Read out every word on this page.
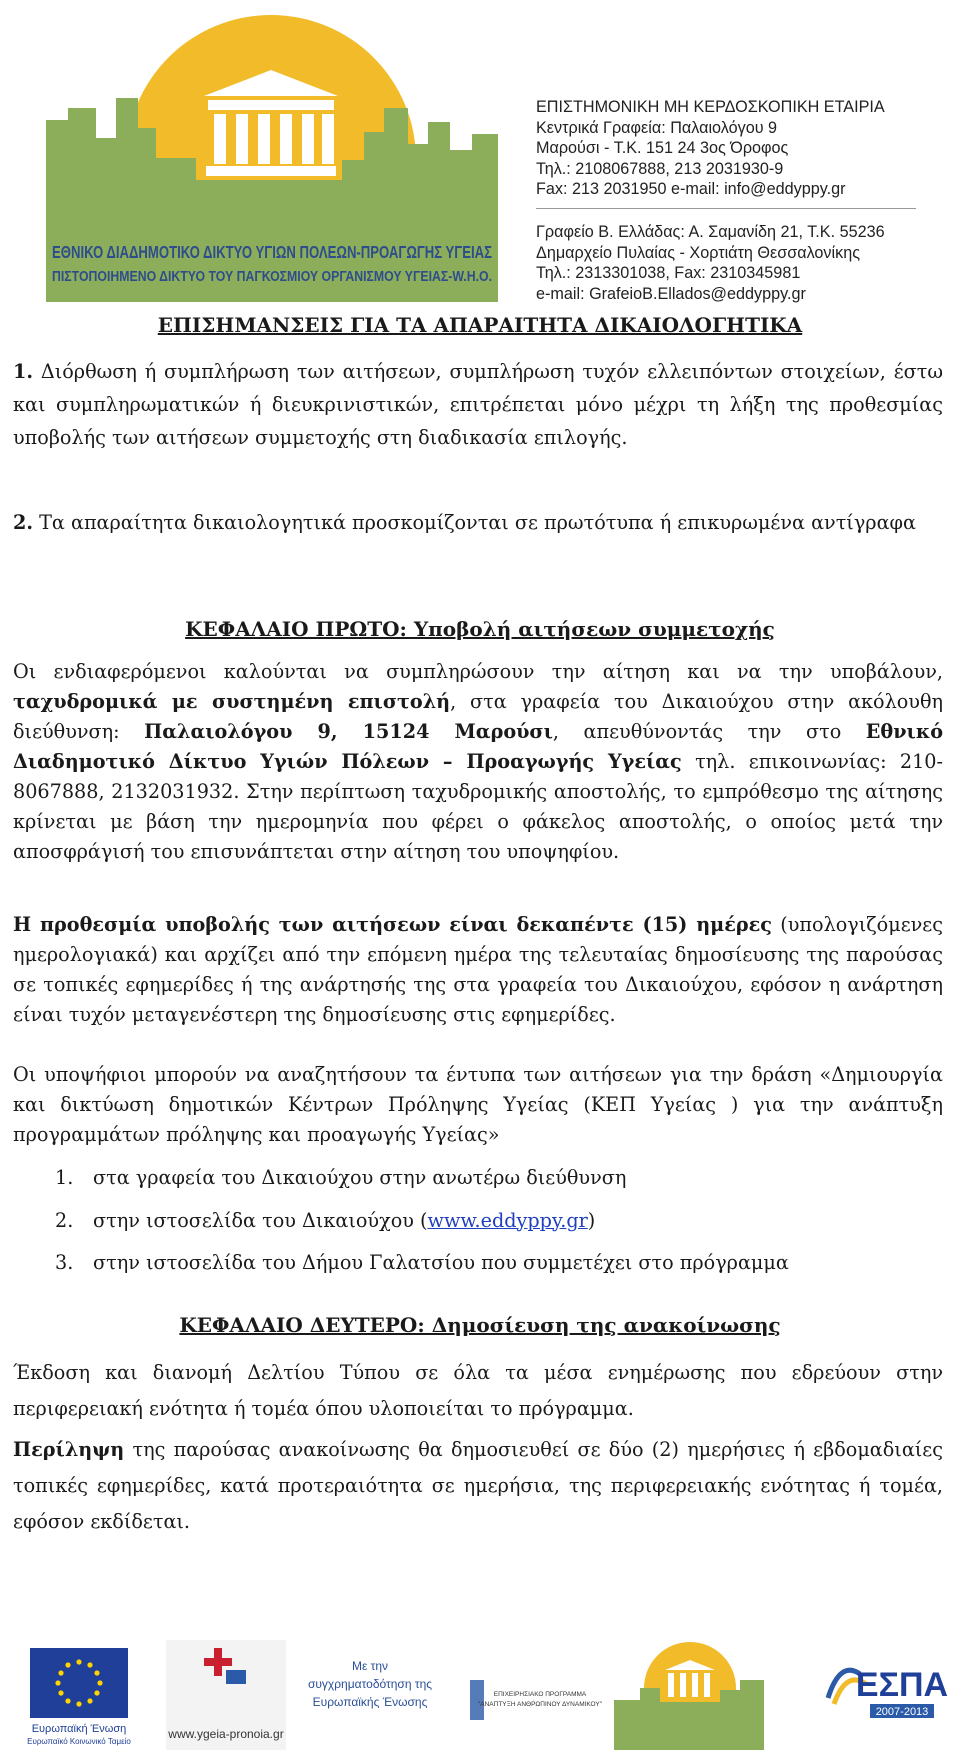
ΕΘΝΙΚΟ ΔΙΑΔΗΜΟΤΙΚΟ ΔΙΚΤΥΟ ΥΓΙΩΝ ΠΟΛΕΩΝ-ΠΡΟΑΓΩΓΗΣ ΥΓΕΙΑΣ
ΠΙΣΤΟΠΟΙΗΜΕΝΟ ΔΙΚΤΥΟ ΤΟΥ ΠΑΓΚΟΣΜΙΟΥ ΟΡΓΑΝΙΣΜΟΥ ΥΓΕΙΑΣ-W.H.O.
ΕΠΙΣΤΗΜΟΝΙΚΗ ΜΗ ΚΕΡΔΟΣΚΟΠΙΚΗ ΕΤΑΙΡΙΑ
Κεντρικά Γραφεία: Παλαιολόγου 9
Μαρούσι - Τ.Κ. 151 24 3ος Όροφος
Τηλ.: 2108067888, 213 2031930-9
Fax: 213 2031950 e-mail: info@eddyppy.gr
Γραφείο Β. Ελλάδας: Α. Σαμανίδη 21, Τ.Κ. 55236
Δημαρχείο Πυλαίας - Χορτιάτη Θεσσαλονίκης
Τηλ.: 2313301038, Fax: 2310345981
e-mail: GrafeioB.Ellados@eddyppy.gr
ΕΠΙΣΗΜΑΝΣΕΙΣ ΓΙΑ ΤΑ ΑΠΑΡΑΙΤΗΤΑ ΔΙΚΑΙΟΛΟΓΗΤΙΚΑ
1. Διόρθωση ή συμπλήρωση των αιτήσεων, συμπλήρωση τυχόν ελλειπόντων στοιχείων, έστω και συμπληρωματικών ή διευκρινιστικών, επιτρέπεται μόνο μέχρι τη λήξη της προθεσμίας υποβολής των αιτήσεων συμμετοχής στη διαδικασία επιλογής.
2. Τα απαραίτητα δικαιολογητικά προσκομίζονται σε πρωτότυπα ή επικυρωμένα αντίγραφα
ΚΕΦΑΛΑΙΟ ΠΡΩΤΟ: Υποβολή αιτήσεων συμμετοχής
Οι ενδιαφερόμενοι καλούνται να συμπληρώσουν την αίτηση και να την υποβάλουν, ταχυδρομικά με συστημένη επιστολή, στα γραφεία του Δικαιούχου στην ακόλουθη διεύθυνση: Παλαιολόγου 9, 15124 Μαρούσι, απευθύνοντάς την στο Εθνικό Διαδημοτικό Δίκτυο Υγιών Πόλεων – Προαγωγής Υγείας τηλ. επικοινωνίας: 210-8067888, 2132031932. Στην περίπτωση ταχυδρομικής αποστολής, το εμπρόθεσμο της αίτησης κρίνεται με βάση την ημερομηνία που φέρει ο φάκελος αποστολής, ο οποίος μετά την αποσφράγισή του επισυνάπτεται στην αίτηση του υποψηφίου.
Η προθεσμία υποβολής των αιτήσεων είναι δεκαπέντε (15) ημέρες (υπολογιζόμενες ημερολογιακά) και αρχίζει από την επόμενη ημέρα της τελευταίας δημοσίευσης της παρούσας σε τοπικές εφημερίδες ή της ανάρτησής της στα γραφεία του Δικαιούχου, εφόσον η ανάρτηση είναι τυχόν μεταγενέστερη της δημοσίευσης στις εφημερίδες.
Οι υποψήφιοι μπορούν να αναζητήσουν τα έντυπα των αιτήσεων για την δράση «Δημιουργία και δικτύωση δημοτικών Κέντρων Πρόληψης Υγείας (ΚΕΠ Υγείας ) για την ανάπτυξη προγραμμάτων πρόληψης και προαγωγής Υγείας»
1.	στα γραφεία του Δικαιούχου στην ανωτέρω διεύθυνση
2.	στην ιστοσελίδα του Δικαιούχου (www.eddyppy.gr)
3.	στην ιστοσελίδα του Δήμου Γαλατσίου που συμμετέχει στο πρόγραμμα
ΚΕΦΑΛΑΙΟ ΔΕΥΤΕΡΟ: Δημοσίευση της ανακοίνωσης
Έκδοση και διανομή Δελτίου Τύπου σε όλα τα μέσα ενημέρωσης που εδρεύουν στην περιφερειακή ενότητα ή τομέα όπου υλοποιείται το πρόγραμμα.
Περίληψη της παρούσας ανακοίνωσης θα δημοσιευθεί σε δύο (2) ημερήσιες ή εβδομαδιαίες τοπικές εφημερίδες, κατά προτεραιότητα σε ημερήσια, της περιφερειακής ενότητας ή τομέα, εφόσον εκδίδεται.
Ευρωπαϊκή Ένωση
Ευρωπαϊκό Κοινωνικό Ταμείο
www.ygeia-pronoia.gr
Με την
συγχρηματοδότηση της
Ευρωπαϊκής Ένωσης
ΕΠΙΧΕΙΡΗΣΙΑΚΟ ΠΡΟΓΡΑΜΜΑ
"ΑΝΑΠΤΥΞΗ ΑΝΘΡΩΠΙΝΟΥ ΔΥΝΑΜΙΚΟΥ"
ΕΣΠΑ
2007-2013
